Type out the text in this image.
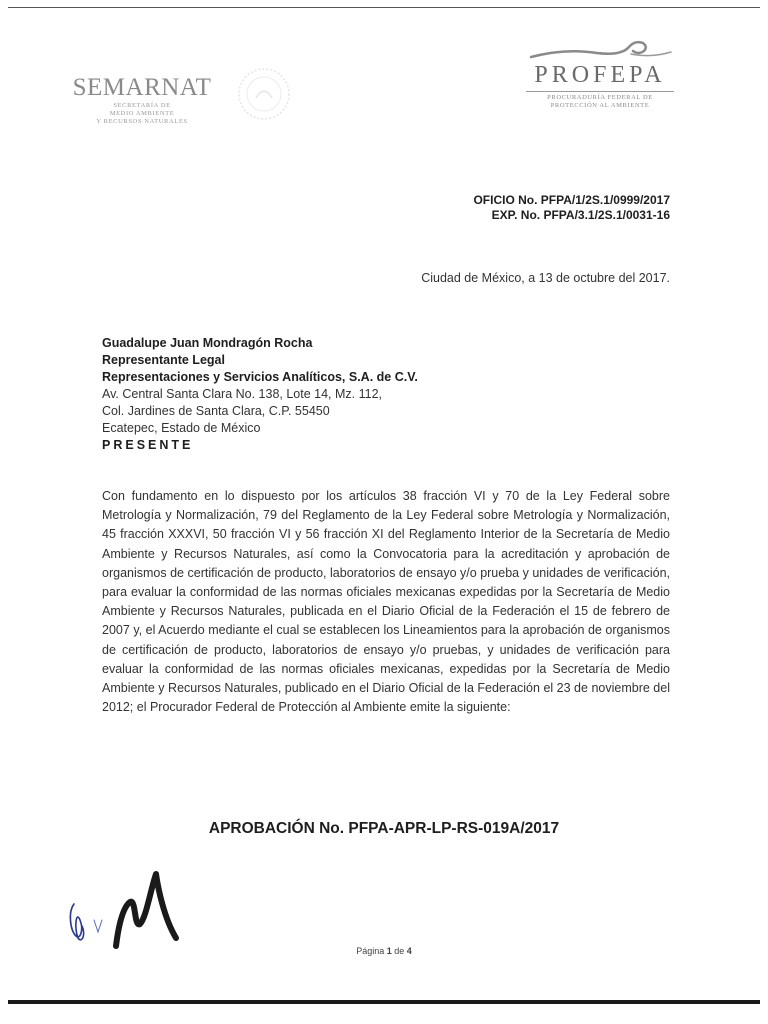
SEMARNAT
SECRETARÍA DE
MEDIO AMBIENTE
Y RECURSOS NATURALES
PROFEPA
PROCURADURÍA FEDERAL DE
PROTECCIÓN AL AMBIENTE
OFICIO No. PFPA/1/2S.1/0999/2017
EXP. No. PFPA/3.1/2S.1/0031-16
Ciudad de México, a 13 de octubre del 2017.
Guadalupe Juan Mondragón Rocha
Representante Legal
Representaciones y Servicios Analíticos, S.A. de C.V.
Av. Central Santa Clara No. 138, Lote 14, Mz. 112,
Col. Jardines de Santa Clara, C.P. 55450
Ecatepec, Estado de México
PRESENTE

Con fundamento en lo dispuesto por los artículos 38 fracción VI y 70 de la Ley Federal sobre Metrología y Normalización, 79 del Reglamento de la Ley Federal sobre Metrología y Normalización, 45 fracción XXXVI, 50 fracción VI y 56 fracción XI del Reglamento Interior de la Secretaría de Medio Ambiente y Recursos Naturales, así como la Convocatoria para la acreditación y aprobación de organismos de certificación de producto, laboratorios de ensayo y/o prueba y unidades de verificación, para evaluar la conformidad de las normas oficiales mexicanas expedidas por la Secretaría de Medio Ambiente y Recursos Naturales, publicada en el Diario Oficial de la Federación el 15 de febrero de 2007 y, el Acuerdo mediante el cual se establecen los Lineamientos para la aprobación de organismos de certificación de producto, laboratorios de ensayo y/o pruebas, y unidades de verificación para evaluar la conformidad de las normas oficiales mexicanas, expedidas por la Secretaría de Medio Ambiente y Recursos Naturales, publicado en el Diario Oficial de la Federación el 23 de noviembre del 2012; el Procurador Federal de Protección al Ambiente emite la siguiente:

APROBACIÓN No. PFPA-APR-LP-RS-019A/2017
Página 1 de 4
